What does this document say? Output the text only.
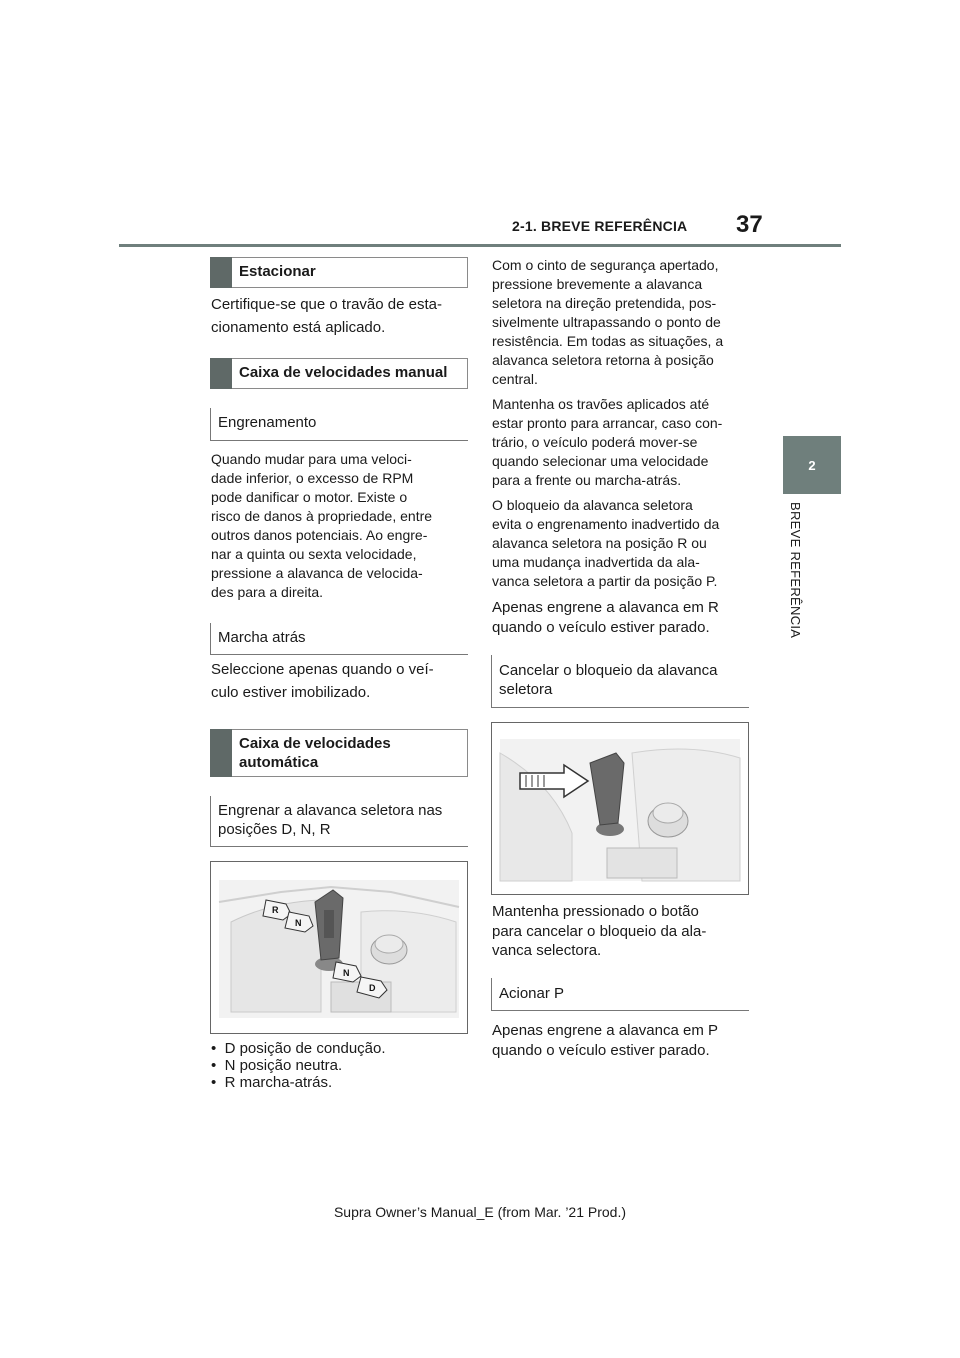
2-1. BREVE REFERÊNCIA 37
2
BREVE REFERÊNCIA
Estacionar
Certifique-se que o travão de esta-
cionamento está aplicado.
Caixa de velocidades manual
Engrenamento
Quando mudar para uma veloci-
dade inferior, o excesso de RPM
pode danificar o motor. Existe o
risco de danos à propriedade, entre
outros danos potenciais. Ao engre-
nar a quinta ou sexta velocidade,
pressione a alavanca de velocida-
des para a direita.
Marcha atrás
Seleccione apenas quando o veí-
culo estiver imobilizado.
Caixa de velocidades
automática
Engrenar a alavanca seletora nas
posições D, N, R
R
N
N
D
•  D posição de condução.
•  N posição neutra.
•  R marcha-atrás.
Com o cinto de segurança apertado,
pressione brevemente a alavanca
seletora na direção pretendida, pos-
sivelmente ultrapassando o ponto de
resistência. Em todas as situações, a
alavanca seletora retorna à posição
central.
Mantenha os travões aplicados até
estar pronto para arrancar, caso con-
trário, o veículo poderá mover-se
quando selecionar uma velocidade
para a frente ou marcha-atrás.
O bloqueio da alavanca seletora
evita o engrenamento inadvertido da
alavanca seletora na posição R ou
uma mudança inadvertida da ala-
vanca seletora a partir da posição P.
Apenas engrene a alavanca em R
quando o veículo estiver parado.
Cancelar o bloqueio da alavanca
seletora
Mantenha pressionado o botão
para cancelar o bloqueio da ala-
vanca selectora.
Acionar P
Apenas engrene a alavanca em P
quando o veículo estiver parado.
Supra Owner’s Manual_E (from Mar. ’21 Prod.)
